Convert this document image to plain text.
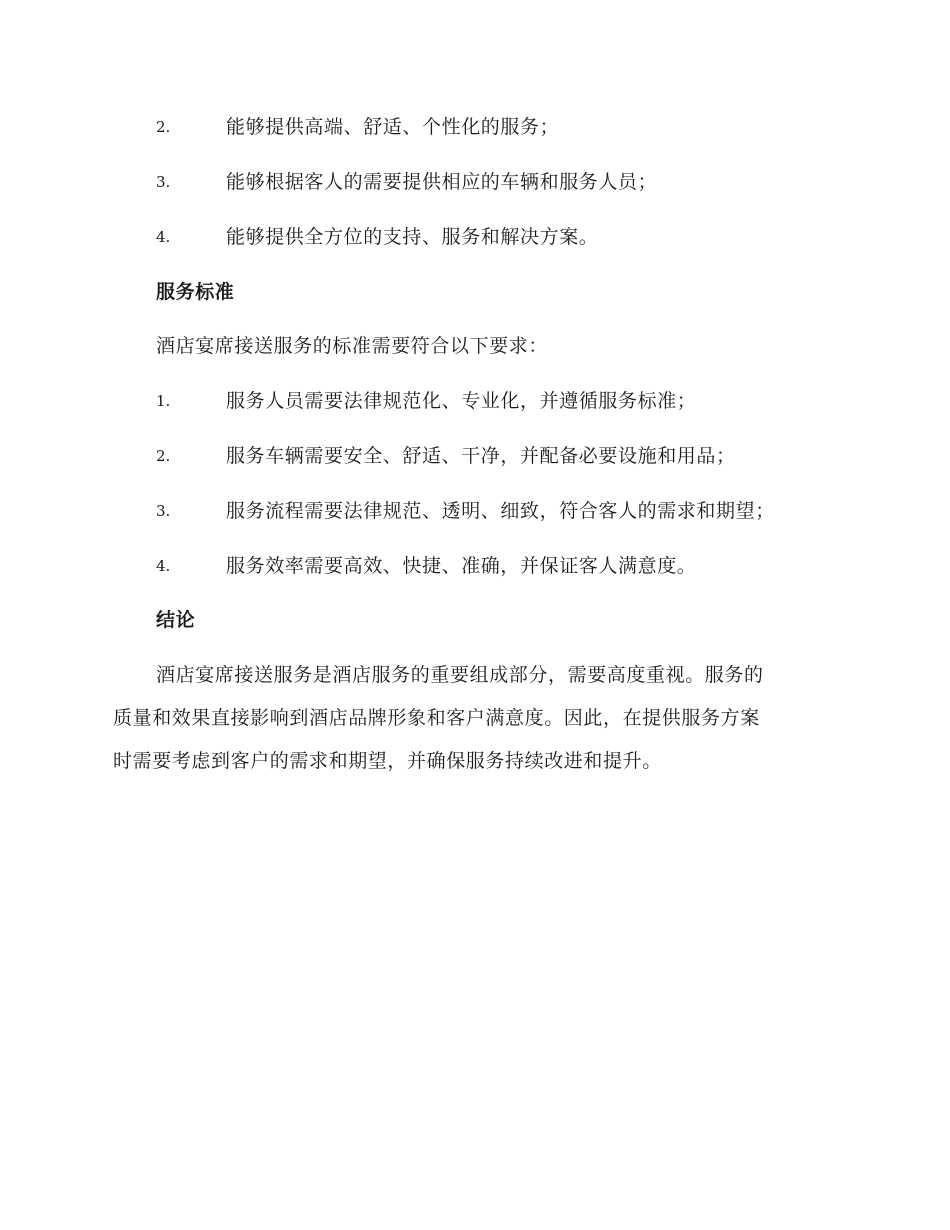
2.	能够提供高端、舒适、个性化的服务；
3.	能够根据客人的需要提供相应的车辆和服务人员；
4.	能够提供全方位的支持、服务和解决方案。
服务标准
酒店宴席接送服务的标准需要符合以下要求：
1.	服务人员需要法律规范化、专业化，并遵循服务标准；
2.	服务车辆需要安全、舒适、干净，并配备必要设施和用品；
3.	服务流程需要法律规范、透明、细致，符合客人的需求和期望；
4.	服务效率需要高效、快捷、准确，并保证客人满意度。
结论
酒店宴席接送服务是酒店服务的重要组成部分，需要高度重视。服务的
质量和效果直接影响到酒店品牌形象和客户满意度。因此，在提供服务方案
时需要考虑到客户的需求和期望，并确保服务持续改进和提升。
